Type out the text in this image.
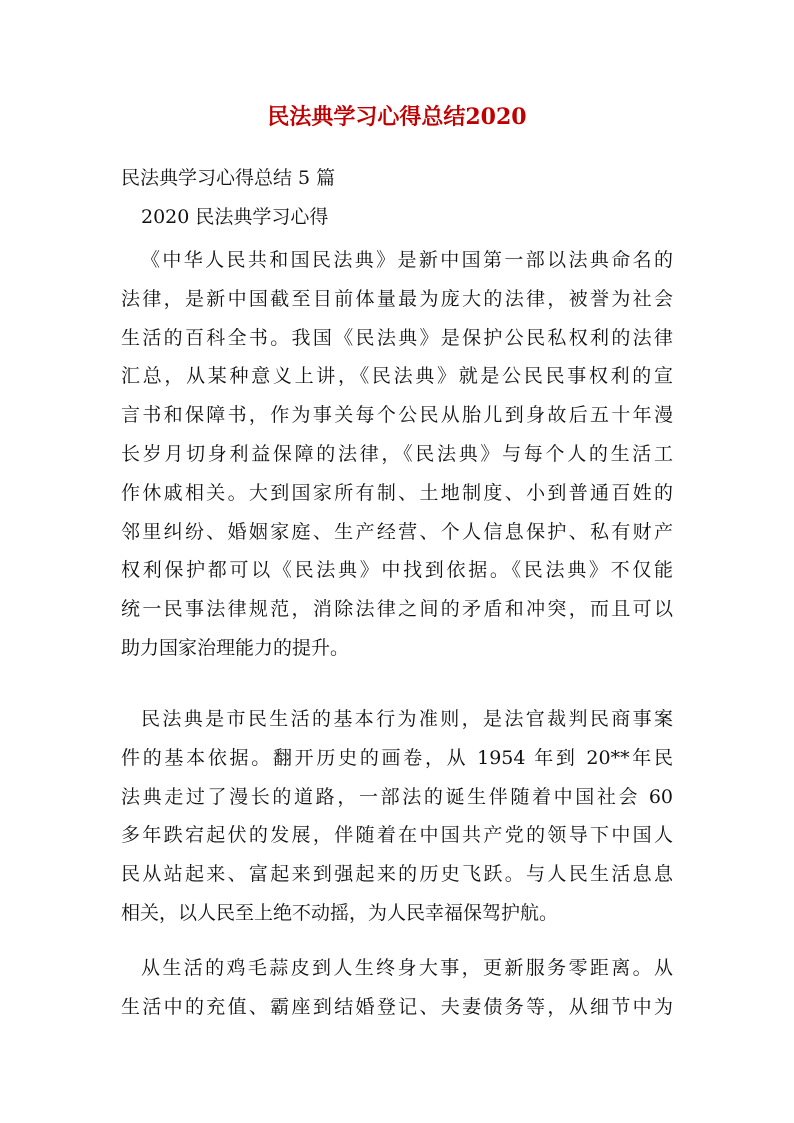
民法典学习心得总结2020
民法典学习心得总结 5 篇
2020 民法典学习心得
《中华人民共和国民法典》是新中国第一部以法典命名的
法律，是新中国截至目前体量最为庞大的法律，被誉为社会
生活的百科全书。我国《民法典》是保护公民私权利的法律
汇总，从某种意义上讲，《民法典》就是公民民事权利的宣
言书和保障书，作为事关每个公民从胎儿到身故后五十年漫
长岁月切身利益保障的法律，《民法典》与每个人的生活工
作休戚相关。大到国家所有制、土地制度、小到普通百姓的
邻里纠纷、婚姻家庭、生产经营、个人信息保护、私有财产
权利保护都可以《民法典》中找到依据。《民法典》不仅能
统一民事法律规范，消除法律之间的矛盾和冲突，而且可以
助力国家治理能力的提升。
民法典是市民生活的基本行为准则，是法官裁判民商事案
件的基本依据。翻开历史的画卷，从 1954 年到 20**年民
法典走过了漫长的道路，一部法的诞生伴随着中国社会 60
多年跌宕起伏的发展，伴随着在中国共产党的领导下中国人
民从站起来、富起来到强起来的历史飞跃。与人民生活息息
相关，以人民至上绝不动摇，为人民幸福保驾护航。
从生活的鸡毛蒜皮到人生终身大事，更新服务零距离。从
生活中的充值、霸座到结婚登记、夫妻债务等，从细节中为
